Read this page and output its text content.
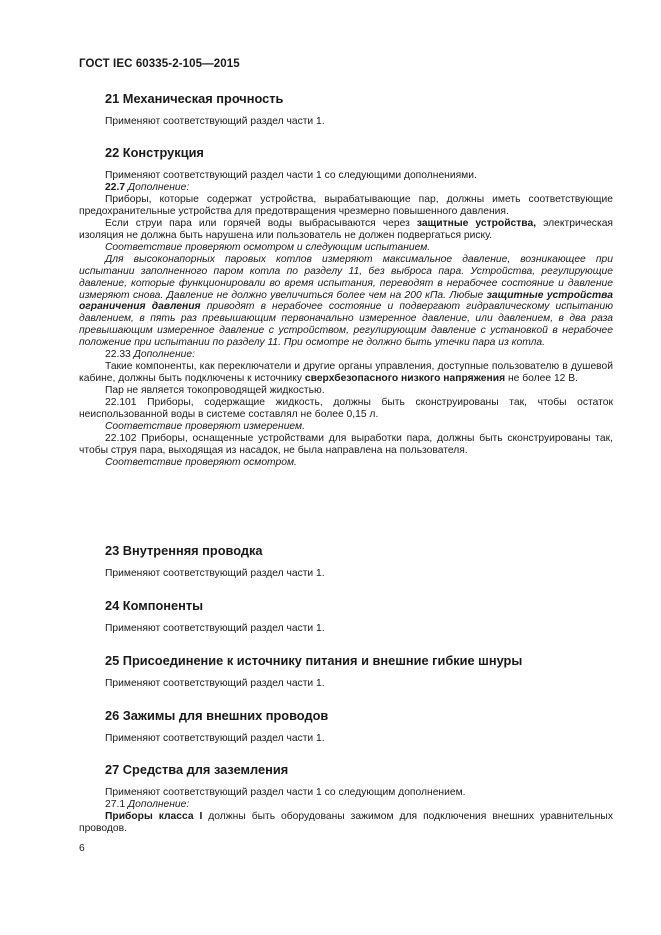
ГОСТ IEC 60335-2-105—2015
21 Механическая прочность

Применяют соответствующий раздел части 1.

22 Конструкция

Применяют соответствующий раздел части 1 со следующими дополнениями.

22.7 Дополнение:

Приборы, которые содержат устройства, вырабатывающие пар, должны иметь соответствующие предохранительные устройства для предотвращения чрезмерно повышенного давления.

Если струи пара или горячей воды выбрасываются через защитные устройства, электрическая изоляция не должна быть нарушена или пользователь не должен подвергаться риску.

Соответствие проверяют осмотром и следующим испытанием.

Для высоконапорных паровых котлов измеряют максимальное давление, возникающее при испытании заполненного паром котла по разделу 11, без выброса пара. Устройства, регулирующие давление, которые функционировали во время испытания, переводят в нерабочее состояние и давление измеряют снова. Давление не должно увеличиться более чем на 200 кПа. Любые защитные устройства ограничения давления приводят в нерабочее состояние и подвергают гидравлическому испытанию давлением, в пять раз превышающим первоначально измеренное давление, или давлением, в два раза превышающим измеренное давление с устройством, регулирующим давление с установкой в нерабочее положение при испытании по разделу 11. При осмотре не должно быть утечки пара из котла.

22.33 Дополнение:

Такие компоненты, как переключатели и другие органы управления, доступные пользователю в душевой кабине, должны быть подключены к источнику сверхбезопасного низкого напряжения не более 12 В.

Пар не является токопроводящей жидкостью.

22.101 Приборы, содержащие жидкость, должны быть сконструированы так, чтобы остаток неиспользованной воды в системе составлял не более 0,15 л.

Соответствие проверяют измерением.

22.102 Приборы, оснащенные устройствами для выработки пара, должны быть сконструированы так, чтобы струя пара, выходящая из насадок, не была направлена на пользователя.

Соответствие проверяют осмотром.

23 Внутренняя проводка

Применяют соответствующий раздел части 1.

24 Компоненты

Применяют соответствующий раздел части 1.

25 Присоединение к источнику питания и внешние гибкие шнуры

Применяют соответствующий раздел части 1.

26 Зажимы для внешних проводов

Применяют соответствующий раздел части 1.

27 Средства для заземления

Применяют соответствующий раздел части 1 со следующим дополнением.

27.1 Дополнение:

Приборы класса I должны быть оборудованы зажимом для подключения внешних уравнительных проводов.

6
